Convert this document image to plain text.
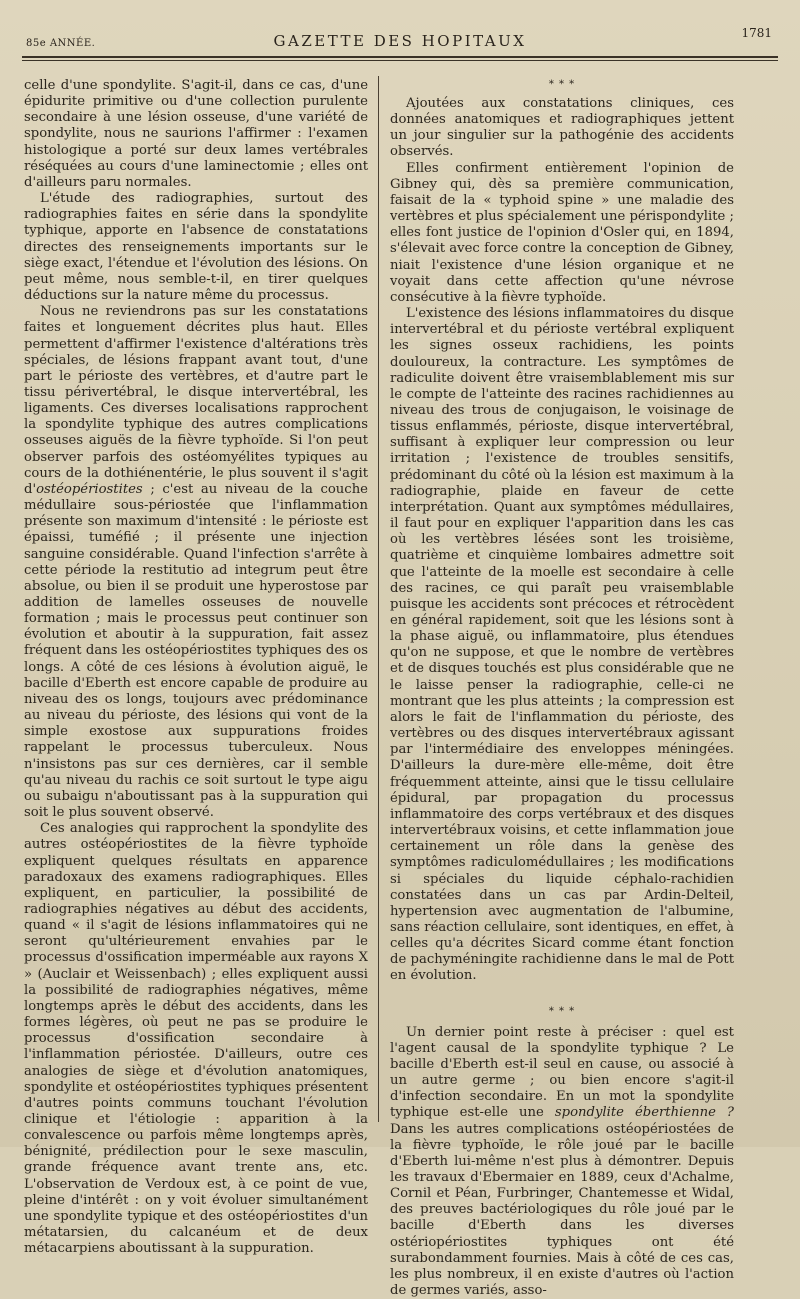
85e ANNÉE.	GAZETTE DES HOPITAUX	1781

celle d'une spondylite. S'agit-il, dans ce cas, d'une épidurite primitive ou d'une collection purulente secondaire à une lésion osseuse, d'une variété de spondylite, nous ne saurions l'affirmer : l'examen histologique a porté sur deux lames vertébrales réséquées au cours d'une laminectomie ; elles ont d'ailleurs paru normales.

L'étude des radiographies, surtout des radiographies faites en série dans la spondylite typhique, apporte en l'absence de constatations directes des renseignements importants sur le siège exact, l'étendue et l'évolution des lésions. On peut même, nous semble-t-il, en tirer quelques déductions sur la nature même du processus.

Nous ne reviendrons pas sur les constatations faites et longuement décrites plus haut. Elles permettent d'affirmer l'existence d'altérations très spéciales, de lésions frappant avant tout, d'une part le périoste des vertèbres, et d'autre part le tissu périvertébral, le disque intervertébral, les ligaments. Ces diverses localisations rapprochent la spondylite typhique des autres complications osseuses aiguës de la fièvre typhoïde. Si l'on peut observer parfois des ostéomyélites typiques au cours de la dothiénentérie, le plus souvent il s'agit d'ostéopériostites ; c'est au niveau de la couche médullaire sous-périostée que l'inflammation présente son maximum d'intensité : le périoste est épaissi, tuméfié ; il présente une injection sanguine considérable. Quand l'infection s'arrête à cette période la restitutio ad integrum peut être absolue, ou bien il se produit une hyperostose par addition de lamelles osseuses de nouvelle formation ; mais le processus peut continuer son évolution et aboutir à la suppuration, fait assez fréquent dans les ostéopériostites typhiques des os longs. A côté de ces lésions à évolution aiguë, le bacille d'Eberth est encore capable de produire au niveau des os longs, toujours avec prédominance au niveau du périoste, des lésions qui vont de la simple exostose aux suppurations froides rappelant le processus tuberculeux. Nous n'insistons pas sur ces dernières, car il semble qu'au niveau du rachis ce soit surtout le type aigu ou subaigu n'aboutissant pas à la suppuration qui soit le plus souvent observé.

Ces analogies qui rapprochent la spondylite des autres ostéopériostites de la fièvre typhoïde expliquent quelques résultats en apparence paradoxaux des examens radiographiques. Elles expliquent, en particulier, la possibilité de radiographies négatives au début des accidents, quand « il s'agit de lésions inflammatoires qui ne seront qu'ultérieurement envahies par le processus d'ossification imperméable aux rayons X » (Auclair et Weissenbach) ; elles expliquent aussi la possibilité de radiographies négatives, même longtemps après le début des accidents, dans les formes légères, où peut ne pas se produire le processus d'ossification secondaire à l'inflammation périostée. D'ailleurs, outre ces analogies de siège et d'évolution anatomiques, spondylite et ostéopériostites typhiques présentent d'autres points communs touchant l'évolution clinique et l'étiologie : apparition à la convalescence ou parfois même longtemps après, bénignité, prédilection pour le sexe masculin, grande fréquence avant trente ans, etc. L'observation de Verdoux est, à ce point de vue, pleine d'intérêt : on y voit évoluer simultanément une spondylite typique et des ostéopériostites d'un métatarsien, du calcanéum et de deux métacarpiens aboutissant à la suppuration.

* * *

Ajoutées aux constatations cliniques, ces données anatomiques et radiographiques jettent un jour singulier sur la pathogénie des accidents observés.

Elles confirment entièrement l'opinion de Gibney qui, dès sa première communication, faisait de la « typhoid spine » une maladie des vertèbres et plus spécialement une périspondylite ; elles font justice de l'opinion d'Osler qui, en 1894, s'élevait avec force contre la conception de Gibney, niait l'existence d'une lésion organique et ne voyait dans cette affection qu'une névrose consécutive à la fièvre typhoïde.

L'existence des lésions inflammatoires du disque intervertébral et du périoste vertébral expliquent les signes osseux rachidiens, les points douloureux, la contracture. Les symptômes de radiculite doivent être vraisemblablement mis sur le compte de l'atteinte des racines rachidiennes au niveau des trous de conjugaison, le voisinage de tissus enflammés, périoste, disque intervertébral, suffisant à expliquer leur compression ou leur irritation ; l'existence de troubles sensitifs, prédominant du côté où la lésion est maximum à la radiographie, plaide en faveur de cette interprétation. Quant aux symptômes médullaires, il faut pour en expliquer l'apparition dans les cas où les vertèbres lésées sont les troisième, quatrième et cinquième lombaires admettre soit que l'atteinte de la moelle est secondaire à celle des racines, ce qui paraît peu vraisemblable puisque les accidents sont précoces et rétrocèdent en général rapidement, soit que les lésions sont à la phase aiguë, ou inflammatoire, plus étendues qu'on ne suppose, et que le nombre de vertèbres et de disques touchés est plus considérable que ne le laisse penser la radiographie, celle-ci ne montrant que les plus atteints ; la compression est alors le fait de l'inflammation du périoste, des vertèbres ou des disques intervertébraux agissant par l'intermédiaire des enveloppes méningées. D'ailleurs la dure-mère elle-même, doit être fréquemment atteinte, ainsi que le tissu cellulaire épidural, par propagation du processus inflammatoire des corps vertébraux et des disques intervertébraux voisins, et cette inflammation joue certainement un rôle dans la genèse des symptômes radiculomédullaires ; les modifications si spéciales du liquide céphalo-rachidien constatées dans un cas par Ardin-Delteil, hypertension avec augmentation de l'albumine, sans réaction cellulaire, sont identiques, en effet, à celles qu'a décrites Sicard comme étant fonction de pachyméningite rachidienne dans le mal de Pott en évolution.

* * *

Un dernier point reste à préciser : quel est l'agent causal de la spondylite typhique ? Le bacille d'Eberth est-il seul en cause, ou associé à un autre germe ; ou bien encore s'agit-il d'infection secondaire. En un mot la spondylite typhique est-elle une spondylite éberthienne ? Dans les autres complications ostéopériostées de la fièvre typhoïde, le rôle joué par le bacille d'Eberth lui-même n'est plus à démontrer. Depuis les travaux d'Ebermaier en 1889, ceux d'Achalme, Cornil et Péan, Furbringer, Chantemesse et Widal, des preuves bactériologiques du rôle joué par le bacille d'Eberth dans les diverses ostériopériostites typhiques ont été surabondamment fournies. Mais à côté de ces cas, les plus nombreux, il en existe d'autres où l'action de germes variés, asso-
